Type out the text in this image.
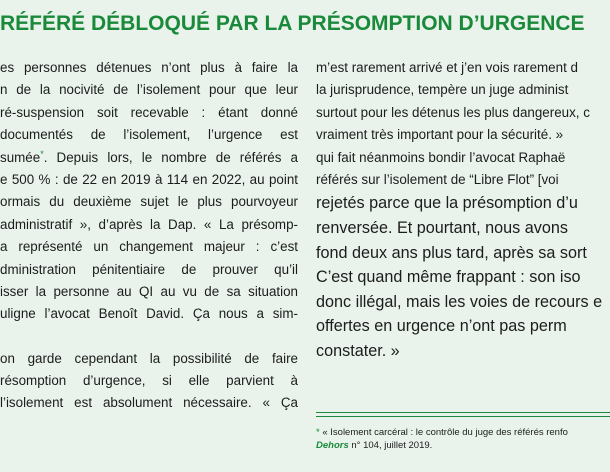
RÉFÉRÉ DÉBLOQUÉ PAR LA PRÉSOMPTION D’URGENCE
es personnes détenues n’ont plus à faire la
n de la nocivité de l’isolement pour que leur
ré-suspension soit recevable : étant donné
documentés de l’isolement, l’urgence est
sumée*. Depuis lors, le nombre de référés a
e 500 % : de 22 en 2019 à 114 en 2022, au point
ormais du deuxième sujet le plus pourvoyeur
administratif », d’après la Dap. « La présomp-
a représenté un changement majeur : c’est
dministration pénitentiaire de prouver qu’il
isser la personne au QI au vu de sa situation
uligne l’avocat Benoît David. Ça nous a sim-
on garde cependant la possibilité de faire
résomption d’urgence, si elle parvient à
l’isolement est absolument nécessaire. « Ça
m’est rarement arrivé et j’en vois rarement d
la jurisprudence, tempère un juge administ
surtout pour les détenus les plus dangereux, c
vraiment très important pour la sécurité. »
qui fait néanmoins bondir l’avocat Raphaë
référés sur l’isolement de “Libre Flot” [voi
rejetés parce que la présomption d’u
renversée. Et pourtant, nous avons
fond deux ans plus tard, après sa sort
C’est quand même frappant : son iso
donc illégal, mais les voies de recours e
offertes en urgence n’ont pas perm
constater. »
* « Isolement carcéral : le contrôle du juge des référés renfo
Dehors n° 104, juillet 2019.
